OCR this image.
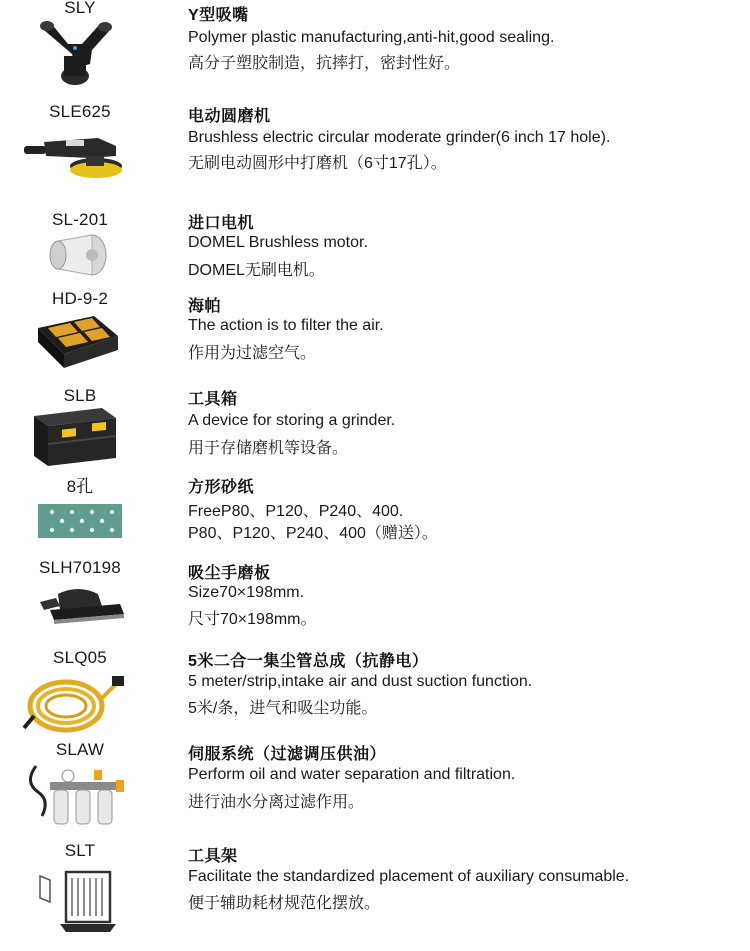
SLY	Y型吸嘴
Polymer plastic manufacturing,anti-hit,good sealing.
高分子塑胶制造，抗摔打，密封性好。
SLE625	电动圆磨机
Brushless electric circular moderate grinder(6 inch 17 hole).
无刷电动圆形中打磨机（6寸17孔）。
SL-201	进口电机
DOMEL Brushless motor.
DOMEL无刷电机。
HD-9-2	海帕
The action is to filter the air.
作用为过滤空气。
SLB	工具箱
A device for storing a grinder.
用于存储磨机等设备。
8孔	方形砂纸
FreeP80、P120、P240、400.
P80、P120、P240、400（赠送）。
SLH70198	吸尘手磨板
Size70×198mm.
尺寸70×198mm。
SLQ05	5米二合一集尘管总成（抗静电）
5 meter/strip,intake air and dust suction function.
5米/条，进气和吸尘功能。
SLAW	伺服系统（过滤调压供油）
Perform oil and water separation and filtration.
进行油水分离过滤作用。
SLT	工具架
Facilitate the standardized placement of auxiliary consumable.
便于辅助耗材规范化摆放。
